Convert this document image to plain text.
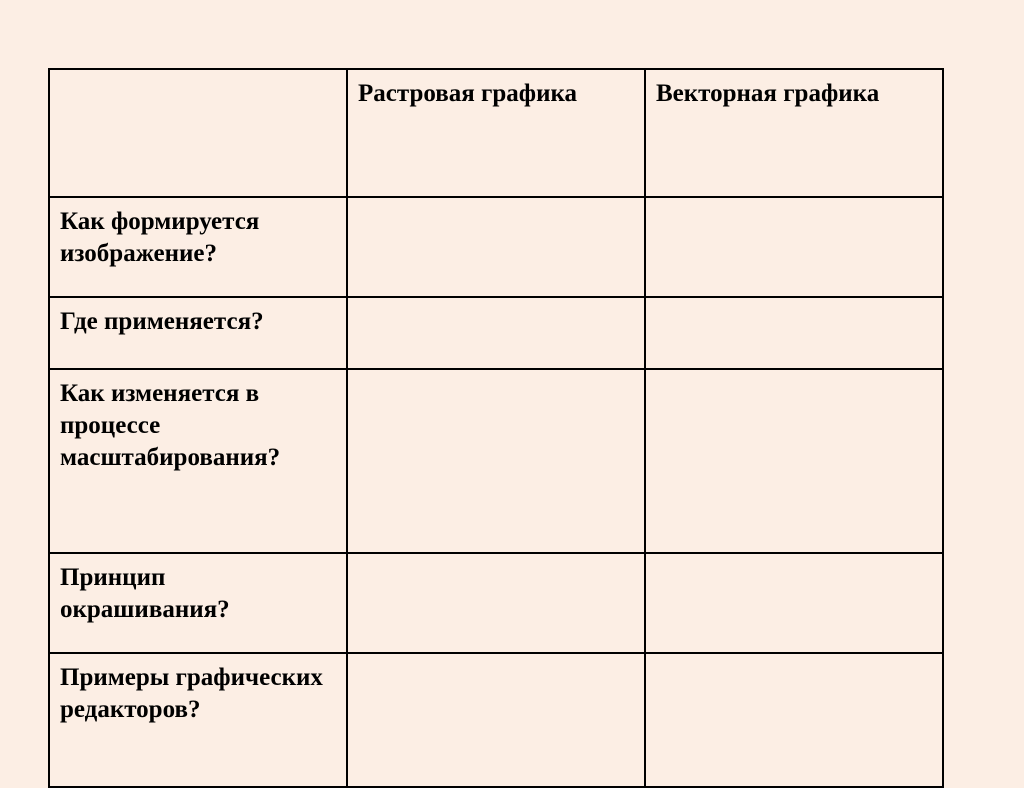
	Растровая графика	Векторная графика
Как формируется изображение?		
Где применяется?		
Как изменяется в процессе масштабирования?		
Принцип окрашивания?		
Примеры графических редакторов?		
